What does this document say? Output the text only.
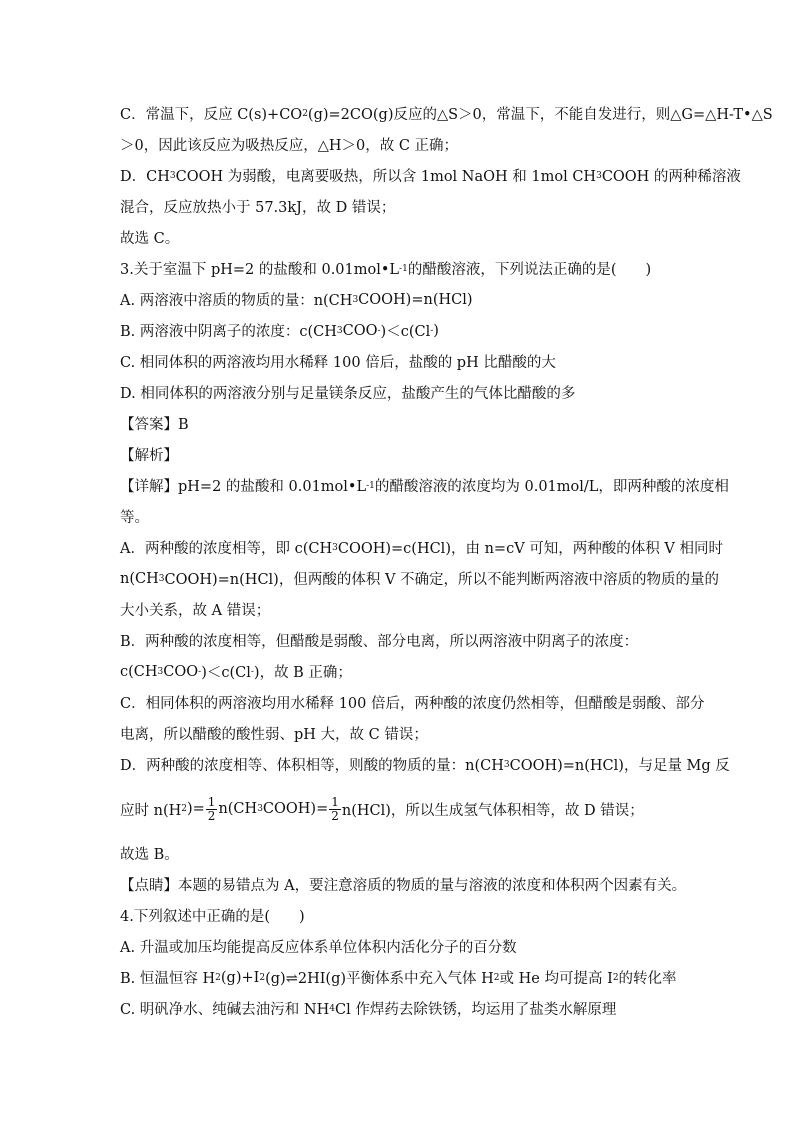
C．常温下，反应 C(s)+CO 2 (g)=2CO(g)反应的△S＞0，常温下，不能自发进行，则△G=△H-T•△S
＞0，因此该反应为吸热反应，△H＞0，故 C 正确；
D．CH 3 COOH 为弱酸，电离要吸热，所以含 1mol NaOH 和 1mol CH 3 COOH 的两种稀溶液
混合，反应放热小于 57.3kJ，故 D 错误；
故选 C。
3.关于室温下 pH=2 的盐酸和 0.01mol•L -1 的醋酸溶液，下列说法正确的是(　　)
A. 两溶液中溶质的物质的量：n(CH 3 COOH)=n(HCl)
B. 两溶液中阴离子的浓度：c(CH 3 COO - )＜c(Cl - )
C. 相同体积的两溶液均用水稀释 100 倍后，盐酸的 pH 比醋酸的大
D. 相同体积的两溶液分别与足量镁条反应，盐酸产生的气体比醋酸的多
【答案】B
【解析】
【详解】pH=2 的盐酸和 0.01mol•L -1 的醋酸溶液的浓度均为 0.01mol/L，即两种酸的浓度相
等。
A．两种酸的浓度相等，即 c(CH 3 COOH)=c(HCl)，由 n=cV 可知，两种酸的体积 V 相同时
n(CH 3 COOH)=n(HCl)，但两酸的体积 V 不确定，所以不能判断两溶液中溶质的物质的量的
大小关系，故 A 错误；
B．两种酸的浓度相等，但醋酸是弱酸、部分电离，所以两溶液中阴离子的浓度：
c(CH 3 COO - )＜c(Cl - )，故 B 正确；
C．相同体积的两溶液均用水稀释 100 倍后，两种酸的浓度仍然相等，但醋酸是弱酸、部分
电离，所以醋酸的酸性弱、pH 大，故 C 错误；
D．两种酸的浓度相等、体积相等，则酸的物质的量：n(CH 3 COOH)=n(HCl)，与足量 Mg 反
应时 n(H 2 )= $\frac{1}{2} n(CH$ 3 COOH)= $\frac{1}{2} n(HCl)$，所以生成氢气体积相等，故 D 错误；
故选 B。
【点睛】本题的易错点为 A，要注意溶质的物质的量与溶液的浓度和体积两个因素有关。
4.下列叙述中正确的是(　　)
A. 升温或加压均能提高反应体系单位体积内活化分子的百分数
B. 恒温恒容 H 2 (g)+I 2 (g)⇌2HI(g)平衡体系中充入气体 H 2 或 He 均可提高 I 2 的转化率
C. 明矾净水、纯碱去油污和 NH 4 Cl 作焊药去除铁锈，均运用了盐类水解原理
